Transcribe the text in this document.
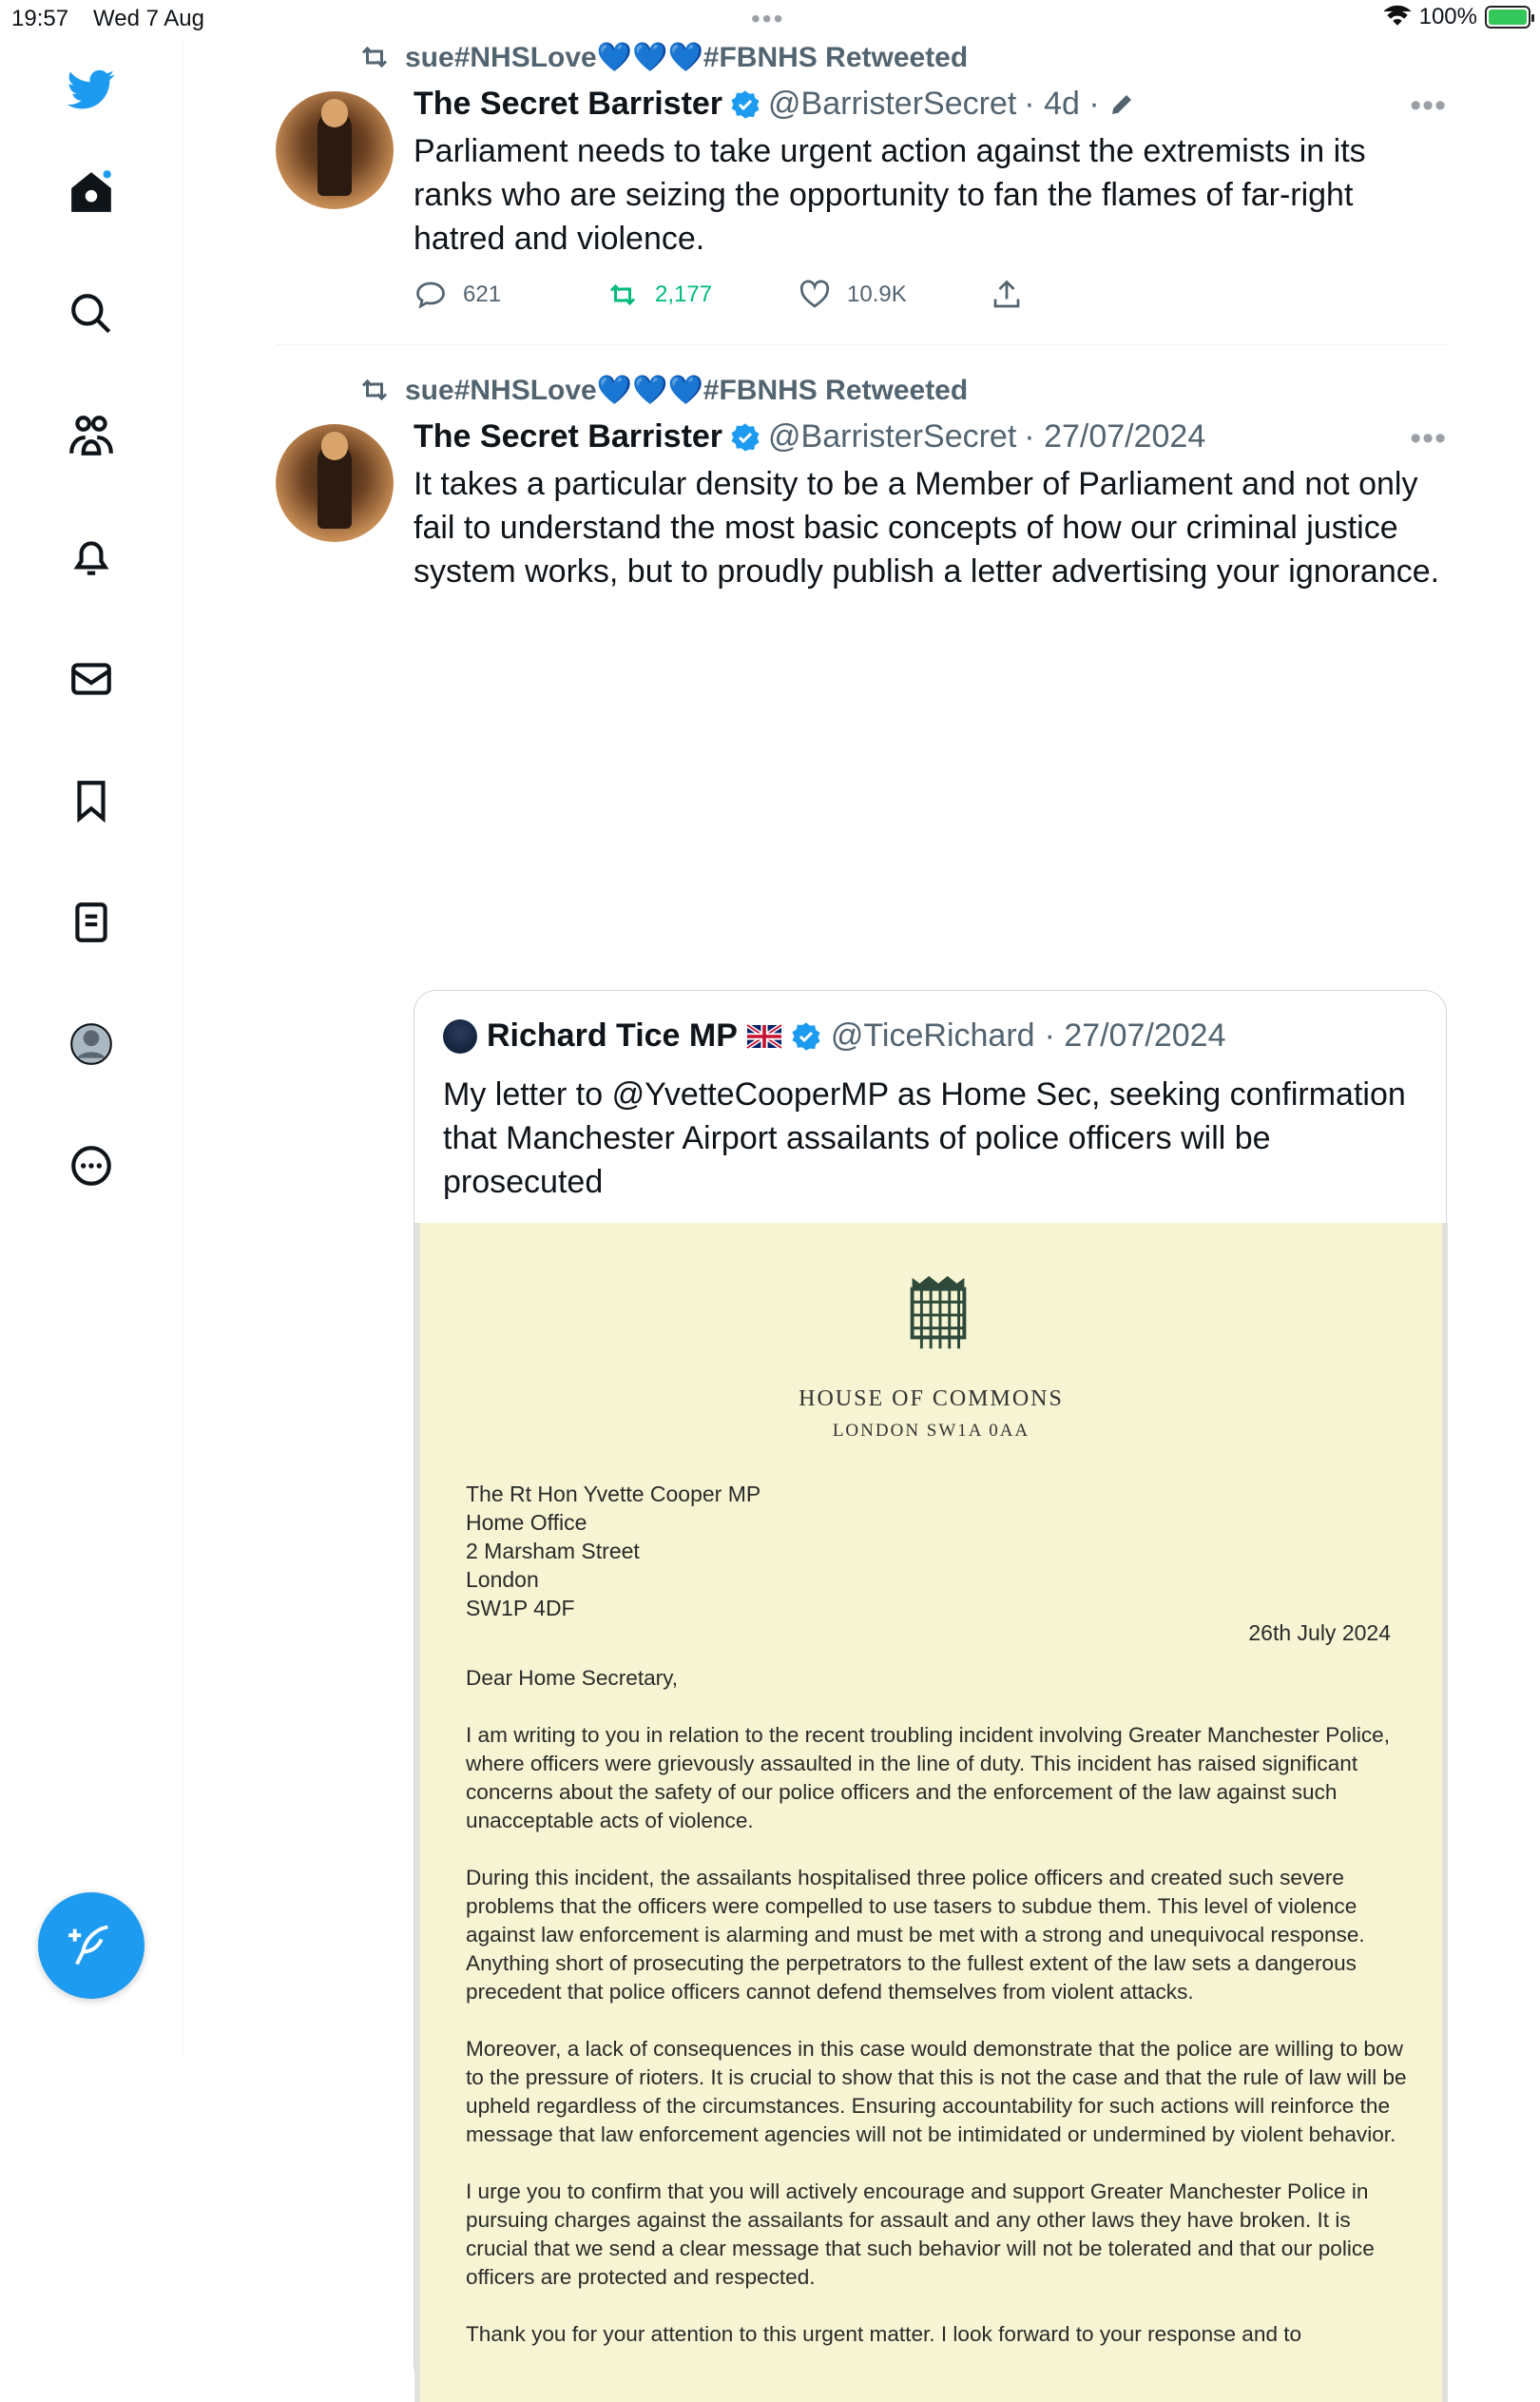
19:57 Wed 7 Aug	•••	100%
sue#NHSLove💙💙💙#FBNHS Retweeted
The Secret Barrister @BarristerSecret · 4d ·	•••
Parliament needs to take urgent action against the extremists in its ranks who are seizing the opportunity to fan the flames of far-right hatred and violence.
621	2,177	10.9K
sue#NHSLove💙💙💙#FBNHS Retweeted
The Secret Barrister @BarristerSecret · 27/07/2024	•••
It takes a particular density to be a Member of Parliament and not only fail to understand the most basic concepts of how our criminal justice system works, but to proudly publish a letter advertising your ignorance.
Richard Tice MP	@TiceRichard · 27/07/2024
My letter to @YvetteCooperMP as Home Sec, seeking confirmation that Manchester Airport assailants of police officers will be prosecuted
HOUSE OF COMMONS
LONDON SW1A 0AA
The Rt Hon Yvette Cooper MP
Home Office
2 Marsham Street
London
SW1P 4DF
26th July 2024

Dear Home Secretary,

I am writing to you in relation to the recent troubling incident involving Greater Manchester Police, where officers were grievously assaulted in the line of duty. This incident has raised significant concerns about the safety of our police officers and the enforcement of the law against such unacceptable acts of violence.

During this incident, the assailants hospitalised three police officers and created such severe problems that the officers were compelled to use tasers to subdue them. This level of violence against law enforcement is alarming and must be met with a strong and unequivocal response. Anything short of prosecuting the perpetrators to the fullest extent of the law sets a dangerous precedent that police officers cannot defend themselves from violent attacks.

Moreover, a lack of consequences in this case would demonstrate that the police are willing to bow to the pressure of rioters. It is crucial to show that this is not the case and that the rule of law will be upheld regardless of the circumstances. Ensuring accountability for such actions will reinforce the message that law enforcement agencies will not be intimidated or undermined by violent behavior.

I urge you to confirm that you will actively encourage and support Greater Manchester Police in pursuing charges against the assailants for assault and any other laws they have broken. It is crucial that we send a clear message that such behavior will not be tolerated and that our police officers are protected and respected.

Thank you for your attention to this urgent matter. I look forward to your response and to
